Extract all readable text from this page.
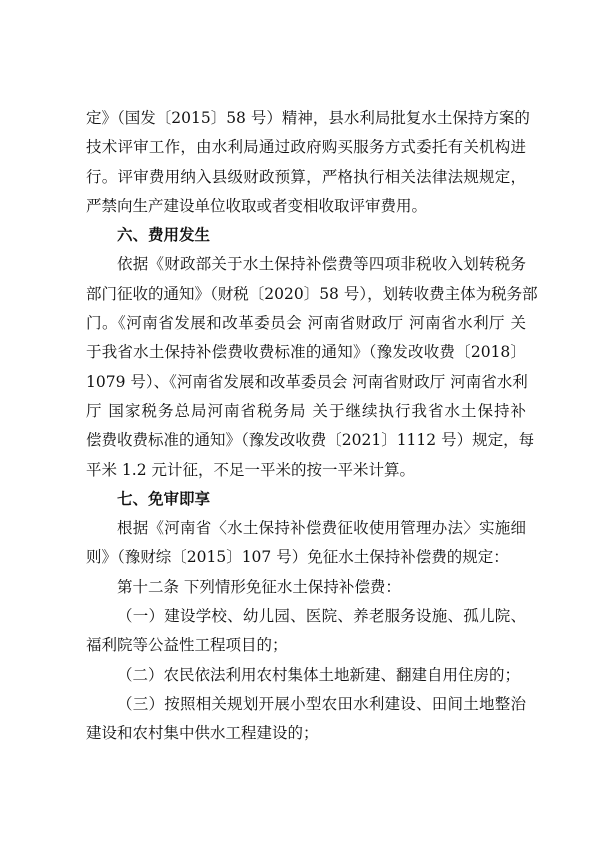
定》（国发〔2015〕58 号）精神，县水利局批复水土保持方案的
技术评审工作，由水利局通过政府购买服务方式委托有关机构进
行。评审费用纳入县级财政预算，严格执行相关法律法规规定，
严禁向生产建设单位收取或者变相收取评审费用。
六、费用发生
依据《财政部关于水土保持补偿费等四项非税收入划转税务
部门征收的通知》（财税〔2020〕58 号），划转收费主体为税务部
门。《河南省发展和改革委员会 河南省财政厅 河南省水利厅 关
于我省水土保持补偿费收费标准的通知》（豫发改收费〔2018〕
1079 号）、《河南省发展和改革委员会 河南省财政厅 河南省水利
厅 国家税务总局河南省税务局 关于继续执行我省水土保持补
偿费收费标准的通知》（豫发改收费〔2021〕1112 号）规定，每
平米 1.2 元计征，不足一平米的按一平米计算。
七、免审即享
根据《河南省〈水土保持补偿费征收使用管理办法〉实施细
则》（豫财综〔2015〕107 号）免征水土保持补偿费的规定：
第十二条 下列情形免征水土保持补偿费：
（一）建设学校、幼儿园、医院、养老服务设施、孤儿院、
福利院等公益性工程项目的；
（二）农民依法利用农村集体土地新建、翻建自用住房的；
（三）按照相关规划开展小型农田水利建设、田间土地整治
建设和农村集中供水工程建设的；
